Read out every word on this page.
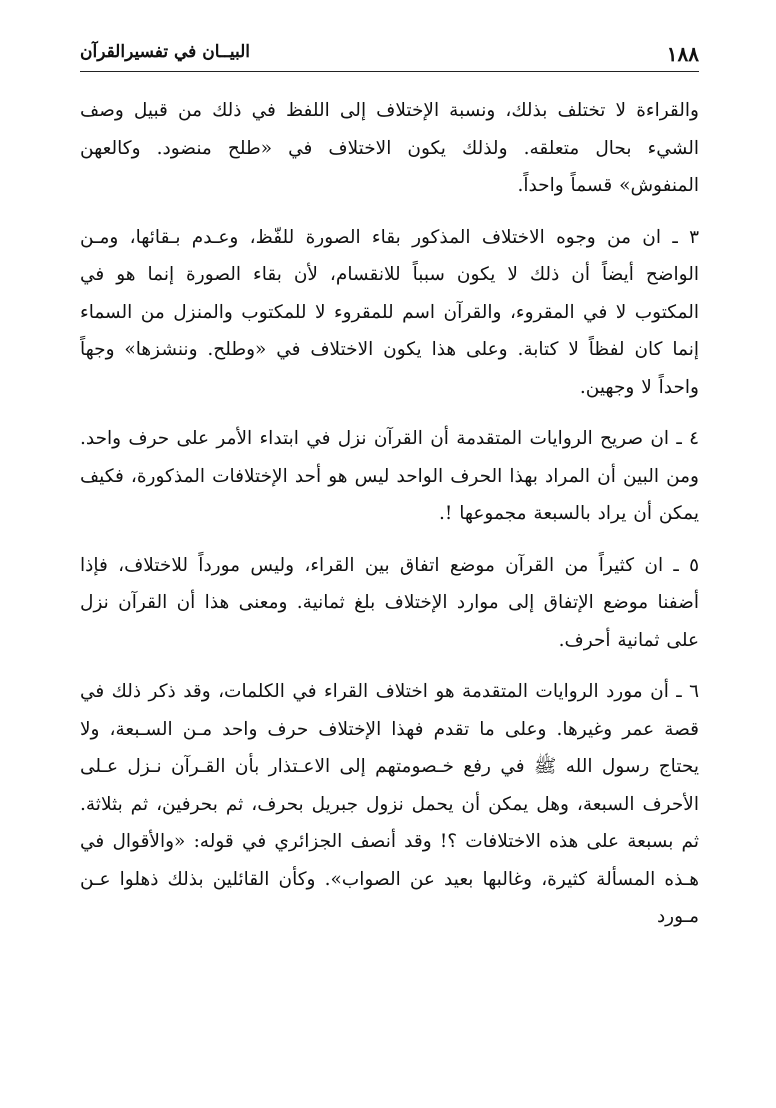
١٨٨
البيــان في تفسيرالقرآن

والقراءة لا تختلف بذلك، ونسبة الإختلاف إلى اللفظ في ذلك من قبيل وصف الشيء بحال متعلقه. ولذلك يكون الاختلاف في «طلح منضود. وكالعهن المنفوش» قسماً واحداً.

٣ ـ ان من وجوه الاختلاف المذكور بقاء الصورة للفّظ، وعـدم بـقائها، ومـن الواضح أيضاً أن ذلك لا يكون سبباً للانقسام، لأن بقاء الصورة إنما هو في المكتوب لا في المقروء، والقرآن اسم للمقروء لا للمكتوب والمنزل من السماء إنما كان لفظاً لا كتابة. وعلى هذا يكون الاختلاف في «وطلح. وننشزها» وجهاً واحداً لا وجهين.

٤ ـ ان صريح الروايات المتقدمة أن القرآن نزل في ابتداء الأمر على حرف واحد. ومن البين أن المراد بهذا الحرف الواحد ليس هو أحد الإختلافات المذكورة، فكيف يمكن أن يراد بالسبعة مجموعها !.

٥ ـ ان كثيراً من القرآن موضع اتفاق بين القراء، وليس مورداً للاختلاف، فإذا أضفنا موضع الإتفاق إلى موارد الإختلاف بلغ ثمانية. ومعنى هذا أن القرآن نزل على ثمانية أحرف.

٦ ـ أن مورد الروايات المتقدمة هو اختلاف القراء في الكلمات، وقد ذكر ذلك في قصة عمر وغيرها. وعلى ما تقدم فهذا الإختلاف حرف واحد مـن السـبعة، ولا يحتاج رسول الله ﷺ في رفع خـصومتهم إلى الاعـتذار بأن القـرآن نـزل عـلى الأحرف السبعة، وهل يمكن أن يحمل نزول جبريل بحرف، ثم بحرفين، ثم بثلاثة. ثم بسبعة على هذه الاختلافات ؟! وقد أنصف الجزائري في قوله: «والأقوال في هـذه المسألة كثيرة، وغالبها بعيد عن الصواب». وكأن القائلين بذلك ذهلوا عـن مـورد
